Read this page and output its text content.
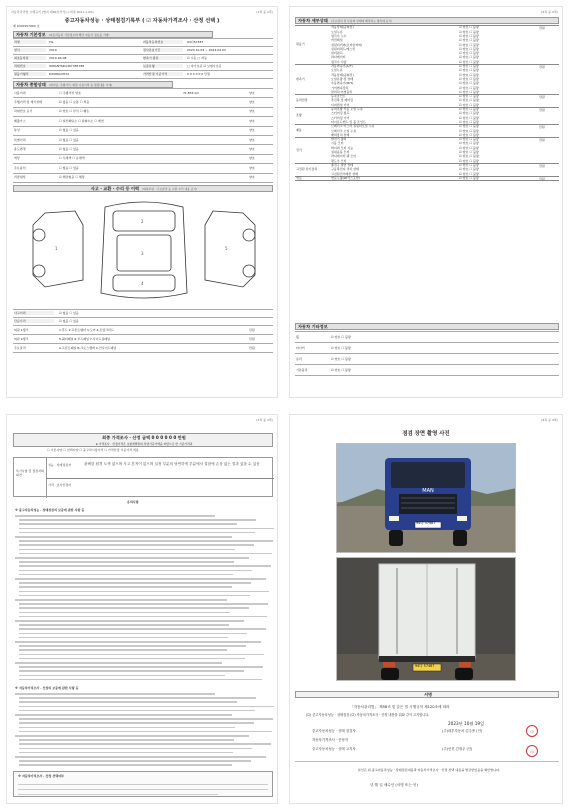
자동차관리법 시행규칙 [별지 제82호서식] <개정 2021.1.29>	(1쪽 중 1쪽)
중고자동차성능 · 상태점검기록부 ( ☑ 자동차가격조사 · 산정 선택 )
제 Ko00957960 호
자동차 기본정보 (자동차등록 기본정보와 해당 자동차 정보를 기재)
차명	TG..	자동차등록번호	94다57487
연식	2019	검사유효기간	2023.10.04 ~ 2024.04.03
최초등록일	2019-04-08	변속기 종류	☑ 수동 □ 자동
차대번호	WWANT6DA3KY385788	보증유형	□ 자가보증 ☑ 보험사보증
원동기형식	D2066LOH34	가격산정 기준가격	0 0 0 0 0 0 만원
자동차 종합상태 (계기판, 주행거리, 외관 사용이력 등 점검내용 기재)
사용이력	☐ 주행거리 양호	71,834 km	양호
주행거리 및 계기상태	☑ 많음 ☐ 보통 ☐ 적음	양호
차대번호 표기	☑ 양호 ☐ 부식 ☐ 훼손	양호
배출가스	☐ 일산화탄소 ☐ 탄화수소 ☐ 매연	양호
튜닝	☑ 없음 ☐ 있음	양호
특별이력	☑ 없음 ☐ 있음	양호
용도변경	☑ 없음 ☐ 있음	양호
색상	☐ 무채색 ☐ 유채색	양호
주요옵션	☐ 없음 ☐ 있음	양호
리콜대상	☑ 해당없음 ☐ 해당	양호
사고 · 교환 · 수리 등 이력 (외판부위 · 주요골격 등 교환 수리 내용 표기)
1
2
3
4
5
사고이력	☑ 없음 ☐ 있음
단순수리	☑ 없음 ☐ 있음
외판 1랭크	1.후드 2.프론트휀더 3.도어 4.트렁크리드	만원
외판 2랭크	5.쿼터패널 6.루프패널 7.사이드실패널	만원
주요골격	A.프론트패널 B.크로스멤버 C.인사이드패널	만원
(2쪽 중 2쪽)
자동차 세부상태 (주요장치 및 부품의 상태에 해당되는 항목에 표기)
원동기
작동상태(공회전)	☑ 양호 ☐ 불량
오일누유	☑ 양호 ☐ 불량
냉각수 누수	☑ 양호 ☐ 불량
커먼레일	☑ 양호 ☐ 불량
실린더커버(로커암커버)	☑ 양호 ☐ 불량
실린더헤드/개스킷	☑ 양호 ☐ 불량
워터펌프	☑ 양호 ☐ 불량
라디에이터	☑ 양호 ☐ 불량
냉각수 수량	☑ 양호 ☐ 불량
만원
변속기
자동변속기(A/T)	☑ 양호 ☐ 불량
오일누유	☑ 양호 ☐ 불량
작동상태(공회전)	☑ 양호 ☐ 불량
오일유량 및 상태	☑ 양호 ☐ 불량
수동변속기(M/T)	☑ 양호 ☐ 불량
기어변속장치	☑ 양호 ☐ 불량
클러치 어셈블리	☑ 양호 ☐ 불량
만원
동력전달
등속조인트	☑ 양호 ☐ 불량
추진축 및 베어링	☑ 양호 ☐ 불량
디퍼렌셜 기어	☑ 양호 ☐ 불량
만원
조향
동력조향 작동 오일 누유	☑ 양호 ☐ 불량
스티어링 펌프	☑ 양호 ☐ 불량
스티어링 기어	☑ 양호 ☐ 불량
타이로드엔드 및 볼 조인트	☑ 양호 ☐ 불량
만원
제동
브레이크 마스터 실린더오일 누유	☑ 양호 ☐ 불량
브레이크 오일 누유	☑ 양호 ☐ 불량
배력장치 상태	☑ 양호 ☐ 불량
만원
전기
발전기 출력	☑ 양호 ☐ 불량
시동 모터	☑ 양호 ☐ 불량
와이퍼 모터 기능	☑ 양호 ☐ 불량
실내송풍 모터	☑ 양호 ☐ 불량
라디에이터 팬 모터	☑ 양호 ☐ 불량
윈도우 모터	☑ 양호 ☐ 불량
만원
고전원 전기장치
충전구 절연 상태	☑ 양호 ☐ 불량
구동축전지 격리 상태	☑ 양호 ☐ 불량
고전원전기배선 상태	☑ 양호 ☐ 불량
만원
연료	연료누출(LP가스포함)	☑ 양호 ☐ 불량	만원
자동차 기타정보
휠	☑ 양호 ☐ 불량
타이어	☑ 양호 ☐ 불량
유리	☑ 양호 ☐ 불량
기본품목	☑ 양호 ☐ 불량
(3쪽 중 3쪽)
최종 가격조사 · 산정 금액 0 0 0 0 0 0 만원
※ 가격조사 · 산정가격은 보험개발원의 차량기준가액을 바탕으로 한 기준가격과
☐ 기본사양 ☐ 선택사양 ☐ 중고차시장가격 ☐ 가격산정 기준가격 적용
특기사항 및 점검자의 의견
성능 · 상태점검자
가격 · 조사산정자
광택한 원경 도색 없으며 사고 흔적이 없으며 일정 부분의 당연하게 부분에서 결함에 손상 없는 결과 있을 수 있음
유의사항
※ 중고자동차성능 · 상태점검의 보증에 관한 사항 등
※ 자동차가격조사 · 산정의 보증에 관한 사항 등
※ 자동차가격조사 · 산정 선택여부
(4쪽 중 4쪽)
점검 장면 촬영 사진
MAN
94다 57487
94다 57487
서명
「자동차관리법」 제58조 및 같은 법 시행규칙 제120조에 따라
(☑) 중고자동차성능 · 상태점검 (☑) 자동차가격조사 · 산정 내용을 위와 같이 고지합니다.
2023년 10월 19일
중고자동차성능 · 상태 점검자	(주)대부자동차 김주용 (인)
자동차가격조사 · 산정자
중고자동차성능 · 상태 고지자	(주)선진 김형우 (인)
印
印
본인은 위 중고자동차성능 · 상태점검내용과 자동차가격조사 · 산정 선택 내용을 발급받았음을 확인합니다.
년 월 일 매수인 (서명 또는 인)
